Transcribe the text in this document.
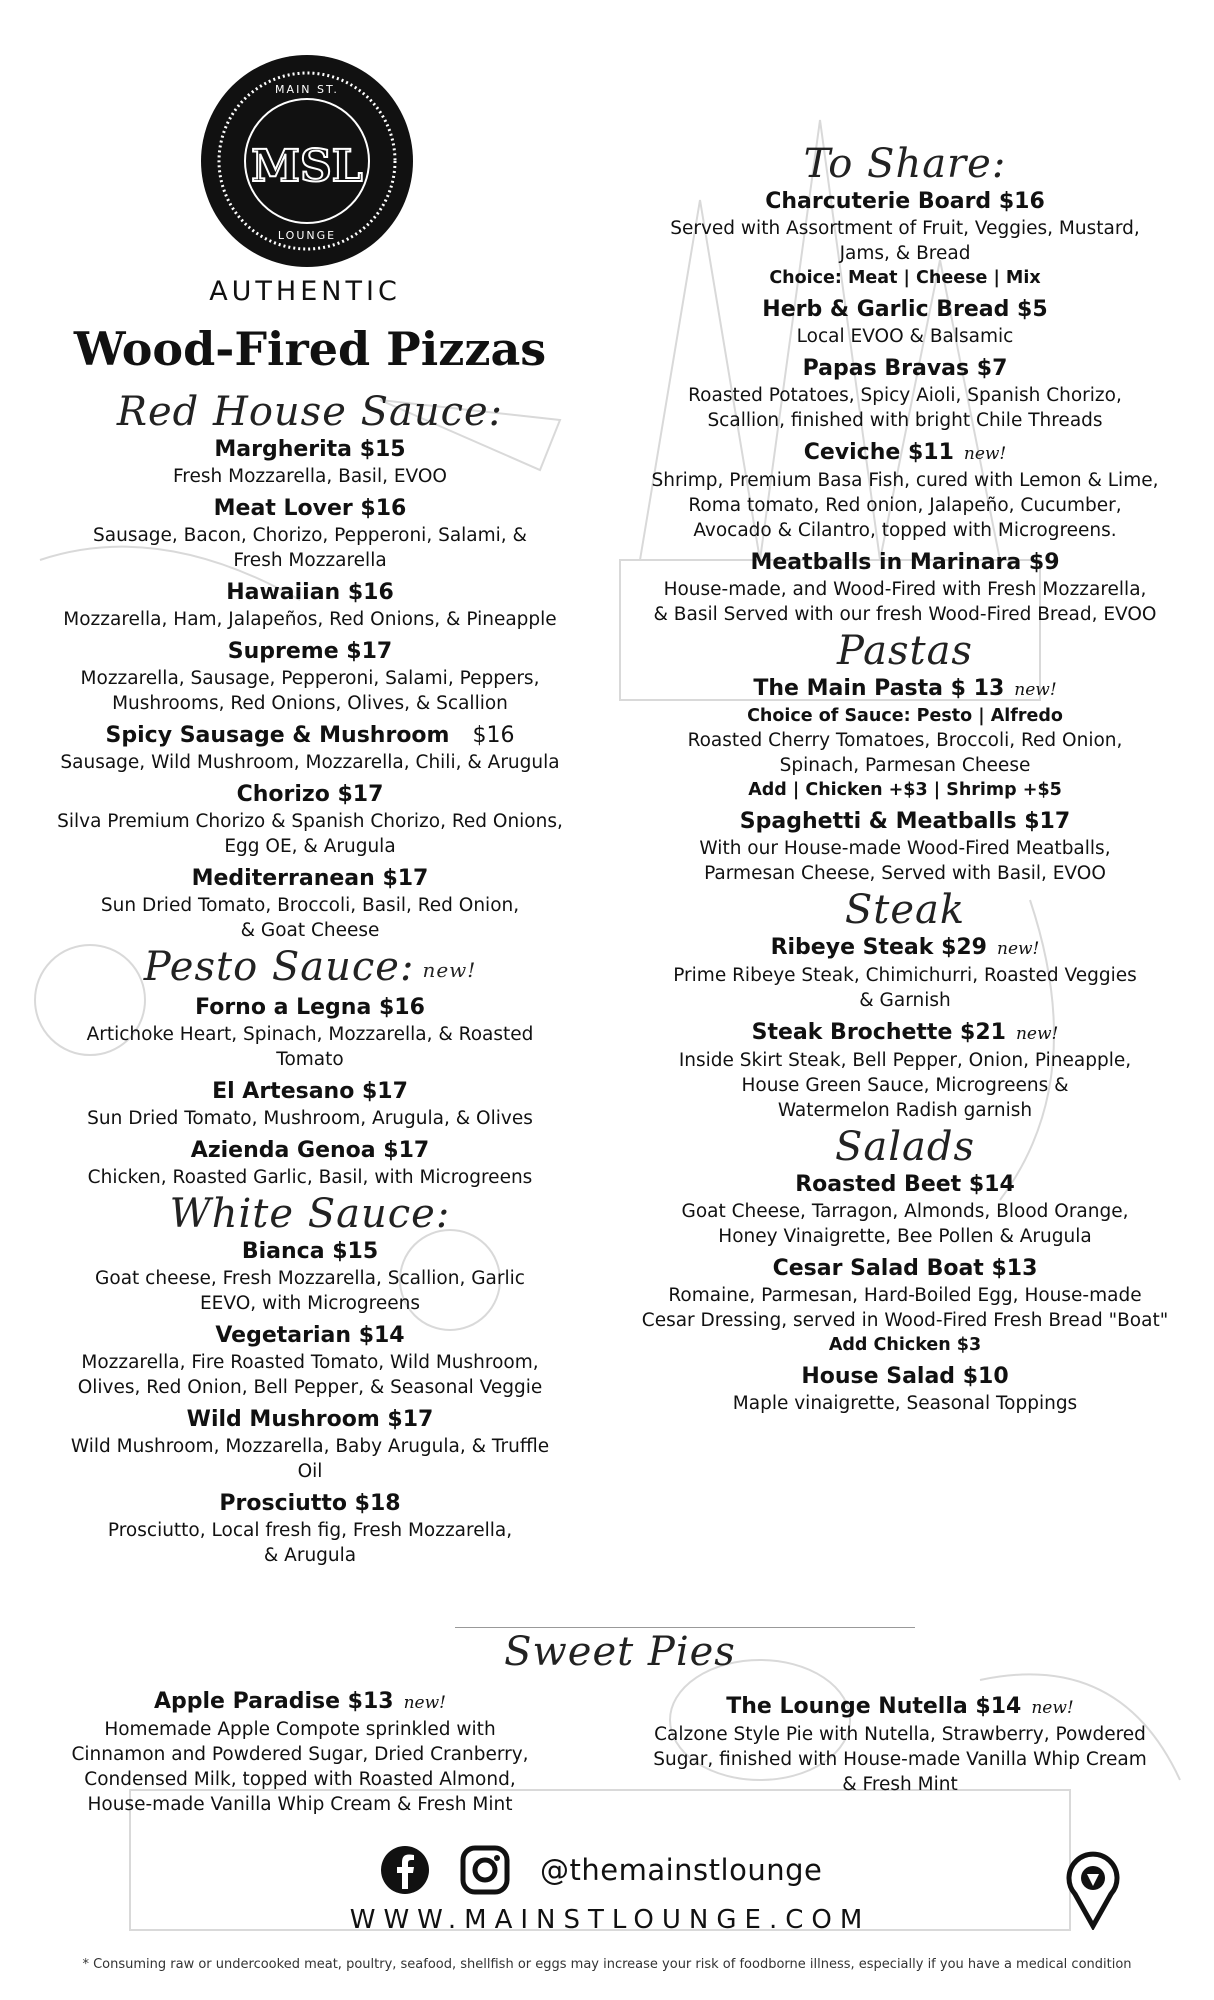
MAIN ST.
LOUNGE
MSL
AUTHENTIC
Wood-Fired Pizzas
Red House Sauce:

Margherita $15

Fresh Mozzarella, Basil, EVOO

Meat Lover $16

Sausage, Bacon, Chorizo, Pepperoni, Salami, &

Fresh Mozzarella

Hawaiian $16

Mozzarella, Ham, Jalapeños, Red Onions, & Pineapple

Supreme $17

Mozzarella, Sausage, Pepperoni, Salami, Peppers,

Mushrooms, Red Onions, Olives, & Scallion

Spicy Sausage & Mushroom $16

Sausage, Wild Mushroom, Mozzarella, Chili, & Arugula

Chorizo $17

Silva Premium Chorizo & Spanish Chorizo, Red Onions,

Egg OE, & Arugula

Mediterranean $17

Sun Dried Tomato, Broccoli, Basil, Red Onion,

& Goat Cheese

Pesto Sauce: new!

Forno a Legna $16

Artichoke Heart, Spinach, Mozzarella, & Roasted

Tomato

El Artesano $17

Sun Dried Tomato, Mushroom, Arugula, & Olives

Azienda Genoa $17

Chicken, Roasted Garlic, Basil, with Microgreens

White Sauce:

Bianca $15

Goat cheese, Fresh Mozzarella, Scallion, Garlic

EEVO, with Microgreens

Vegetarian $14

Mozzarella, Fire Roasted Tomato, Wild Mushroom,

Olives, Red Onion, Bell Pepper, & Seasonal Veggie

Wild Mushroom $17

Wild Mushroom, Mozzarella, Baby Arugula, & Truffle

Oil

Prosciutto $18

Prosciutto, Local fresh fig, Fresh Mozzarella,

& Arugula

To Share:

Charcuterie Board $16

Served with Assortment of Fruit, Veggies, Mustard,

Jams, & Bread

Choice: Meat | Cheese | Mix

Herb & Garlic Bread $5

Local EVOO & Balsamic

Papas Bravas $7

Roasted Potatoes, Spicy Aioli, Spanish Chorizo,

Scallion, finished with bright Chile Threads

Ceviche $11 new!

Shrimp, Premium Basa Fish, cured with Lemon & Lime,

Roma tomato, Red onion, Jalapeño, Cucumber,

Avocado & Cilantro, topped with Microgreens.

Meatballs in Marinara $9

House-made, and Wood-Fired with Fresh Mozzarella,

& Basil Served with our fresh Wood-Fired Bread, EVOO

Pastas

The Main Pasta $ 13 new!

Choice of Sauce: Pesto | Alfredo

Roasted Cherry Tomatoes, Broccoli, Red Onion,

Spinach, Parmesan Cheese

Add | Chicken +$3 | Shrimp +$5

Spaghetti & Meatballs $17

With our House-made Wood-Fired Meatballs,

Parmesan Cheese, Served with Basil, EVOO

Steak

Ribeye Steak $29 new!

Prime Ribeye Steak, Chimichurri, Roasted Veggies

& Garnish

Steak Brochette $21 new!

Inside Skirt Steak, Bell Pepper, Onion, Pineapple,

House Green Sauce, Microgreens &

Watermelon Radish garnish

Salads

Roasted Beet $14

Goat Cheese, Tarragon, Almonds, Blood Orange,

Honey Vinaigrette, Bee Pollen & Arugula

Cesar Salad Boat $13

Romaine, Parmesan, Hard-Boiled Egg, House-made

Cesar Dressing, served in Wood-Fired Fresh Bread "Boat"

Add Chicken $3

House Salad $10

Maple vinaigrette, Seasonal Toppings

Sweet Pies

Apple Paradise $13 new!

Homemade Apple Compote sprinkled with

Cinnamon and Powdered Sugar, Dried Cranberry,

Condensed Milk, topped with Roasted Almond,

House-made Vanilla Whip Cream & Fresh Mint

The Lounge Nutella $14 new!

Calzone Style Pie with Nutella, Strawberry, Powdered

Sugar, finished with House-made Vanilla Whip Cream

& Fresh Mint

@themainstlounge
WWW.MAINSTLOUNGE.COM
* Consuming raw or undercooked meat, poultry, seafood, shellfish or eggs may increase your risk of foodborne illness, especially if you have a medical condition
